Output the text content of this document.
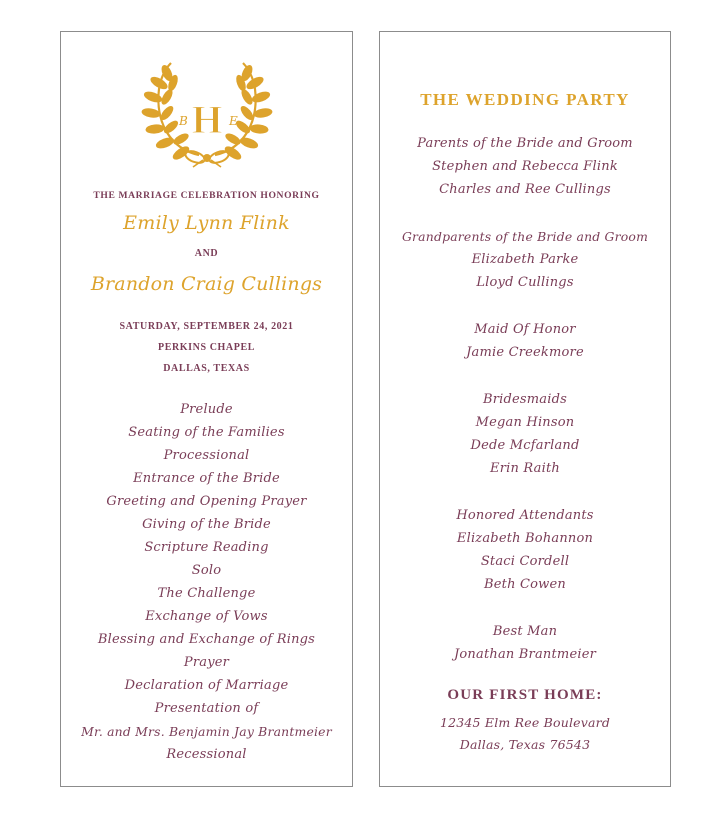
B H E
THE MARRIAGE CELEBRATION HONORING
Emily Lynn Flink
AND
Brandon Craig Cullings
SATURDAY, SEPTEMBER 24, 2021
PERKINS CHAPEL
DALLAS, TEXAS
Prelude
Seating of the Families
Processional
Entrance of the Bride
Greeting and Opening Prayer
Giving of the Bride
Scripture Reading
Solo
The Challenge
Exchange of Vows
Blessing and Exchange of Rings
Prayer
Declaration of Marriage
Presentation of
Mr. and Mrs. Benjamin Jay Brantmeier
Recessional
THE WEDDING PARTY
Parents of the Bride and Groom
Stephen and Rebecca Flink
Charles and Ree Cullings
Grandparents of the Bride and Groom
Elizabeth Parke
Lloyd Cullings
Maid Of Honor
Jamie Creekmore
Bridesmaids
Megan Hinson
Dede Mcfarland
Erin Raith
Honored Attendants
Elizabeth Bohannon
Staci Cordell
Beth Cowen
Best Man
Jonathan Brantmeier
OUR FIRST HOME:
12345 Elm Ree Boulevard
Dallas, Texas 76543
